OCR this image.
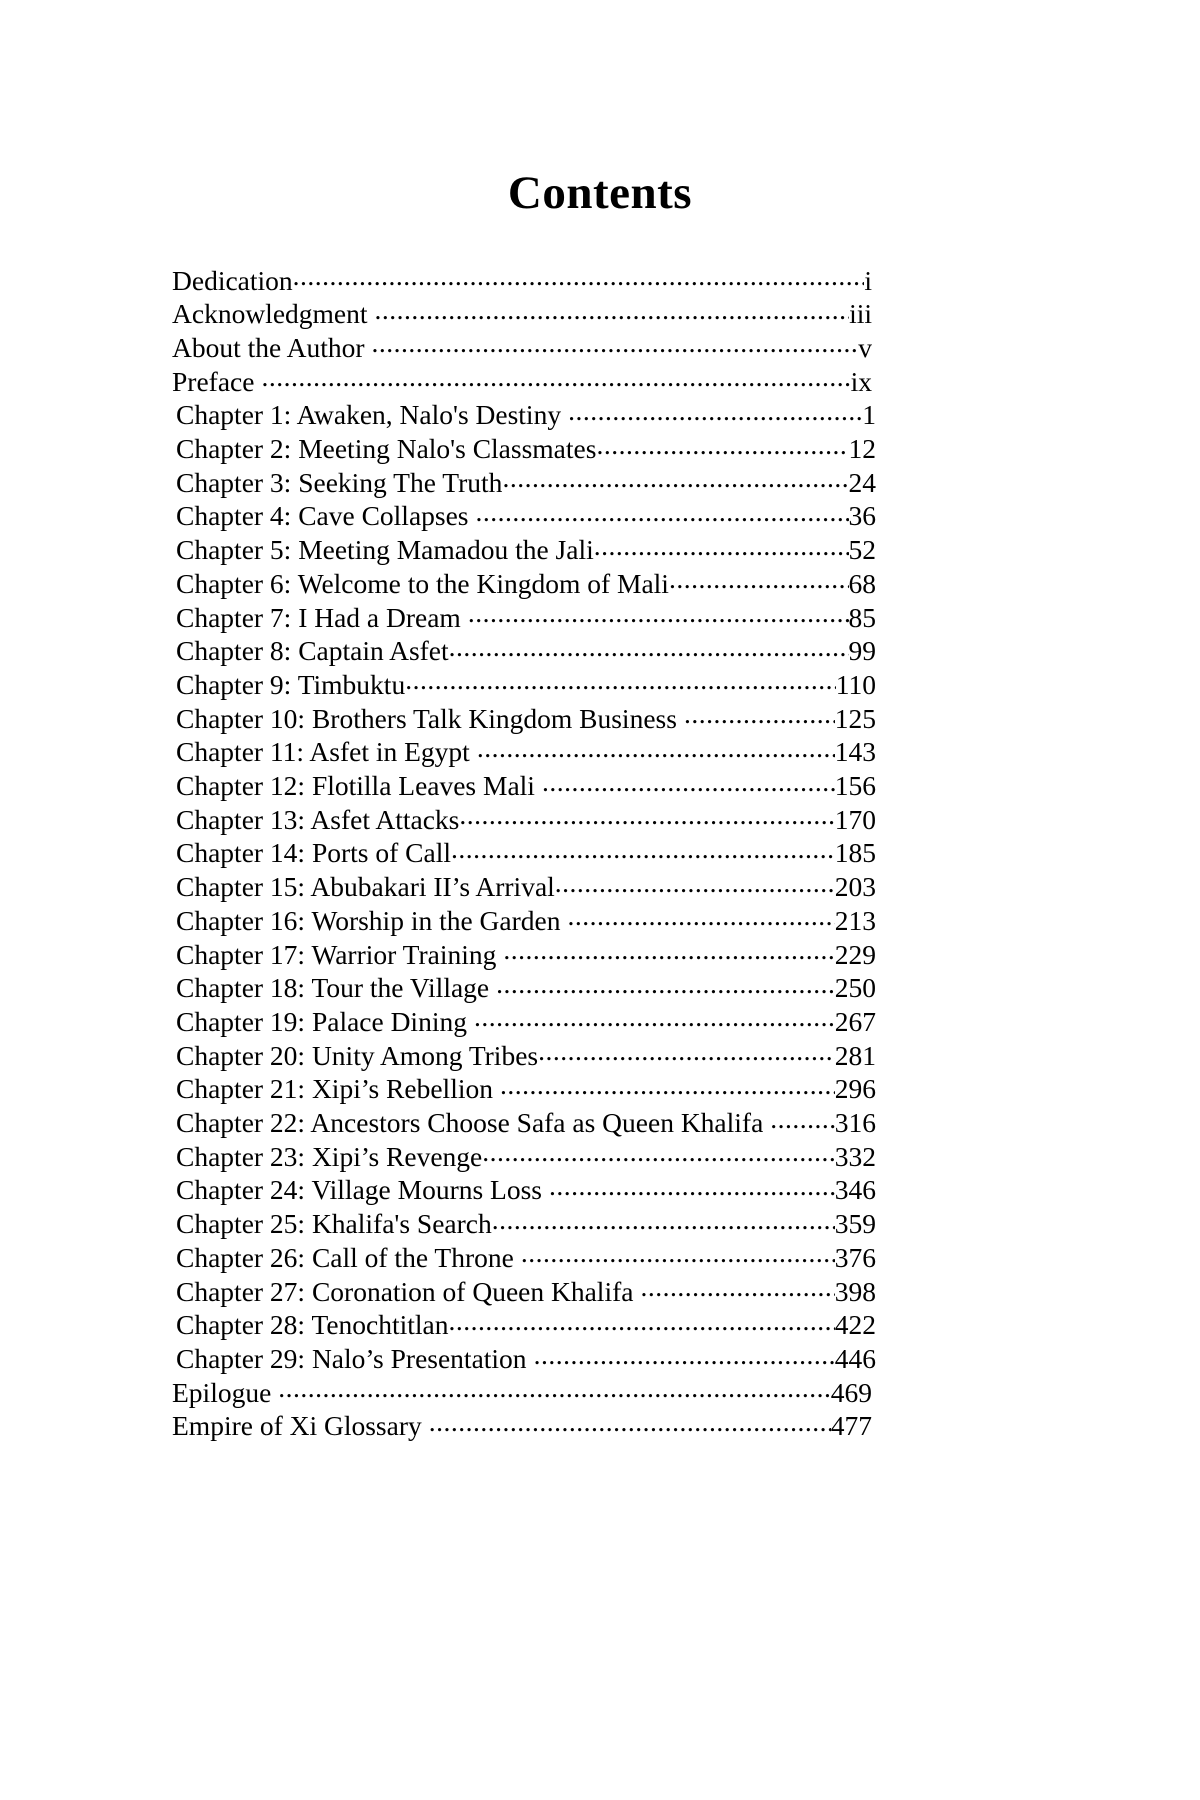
Contents
Dedication .....	i
Acknowledgment .....	iii
About the Author .....	v
Preface .....	ix
Chapter 1: Awaken, Nalo's Destiny .....	1
Chapter 2: Meeting Nalo's Classmates .....	12
Chapter 3: Seeking The Truth .....	24
Chapter 4: Cave Collapses .....	36
Chapter 5: Meeting Mamadou the Jali .....	52
Chapter 6: Welcome to the Kingdom of Mali .....	68
Chapter 7: I Had a Dream .....	85
Chapter 8: Captain Asfet .....	99
Chapter 9: Timbuktu .....	110
Chapter 10: Brothers Talk Kingdom Business .....	125
Chapter 11: Asfet in Egypt .....	143
Chapter 12: Flotilla Leaves Mali .....	156
Chapter 13: Asfet Attacks .....	170
Chapter 14: Ports of Call .....	185
Chapter 15: Abubakari II’s Arrival .....	203
Chapter 16: Worship in the Garden .....	213
Chapter 17: Warrior Training .....	229
Chapter 18: Tour the Village .....	250
Chapter 19: Palace Dining .....	267
Chapter 20: Unity Among Tribes .....	281
Chapter 21: Xipi’s Rebellion .....	296
Chapter 22: Ancestors Choose Safa as Queen Khalifa .....	316
Chapter 23: Xipi’s Revenge .....	332
Chapter 24: Village Mourns Loss .....	346
Chapter 25: Khalifa's Search .....	359
Chapter 26: Call of the Throne .....	376
Chapter 27: Coronation of Queen Khalifa .....	398
Chapter 28: Tenochtitlan .....	422
Chapter 29: Nalo’s Presentation .....	446
Epilogue .....	469
Empire of Xi Glossary .....	477
